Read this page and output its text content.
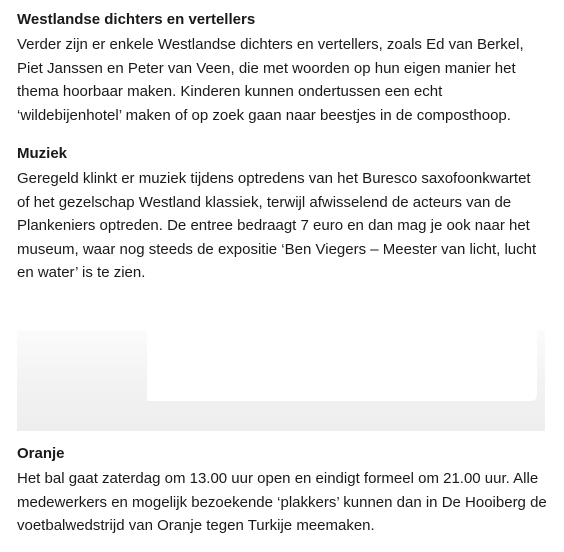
Westlandse dichters en vertellers

Verder zijn er enkele Westlandse dichters en vertellers, zoals Ed van Berkel, Piet Janssen en Peter van Veen, die met woorden op hun eigen manier het thema hoorbaar maken. Kinderen kunnen ondertussen een echt ‘wildebijenhotel’ maken of op zoek gaan naar beestjes in de composthoop.

Muziek

Geregeld klinkt er muziek tijdens optredens van het Buresco saxofoonkwartet of het gezelschap Westland klassiek, terwijl afwisselend de acteurs van de Plankeniers optreden. De entree bedraagt 7 euro en dan mag je ook naar het museum, waar nog steeds de expositie ‘Ben Viegers – Meester van licht, lucht en water’ is te zien.

Oranje

Het bal gaat zaterdag om 13.00 uur open en eindigt formeel om 21.00 uur. Alle medewerkers en mogelijk bezoekende ‘plakkers’ kunnen dan in De Hooiberg de voetbalwedstrijd van Oranje tegen Turkije meemaken.
